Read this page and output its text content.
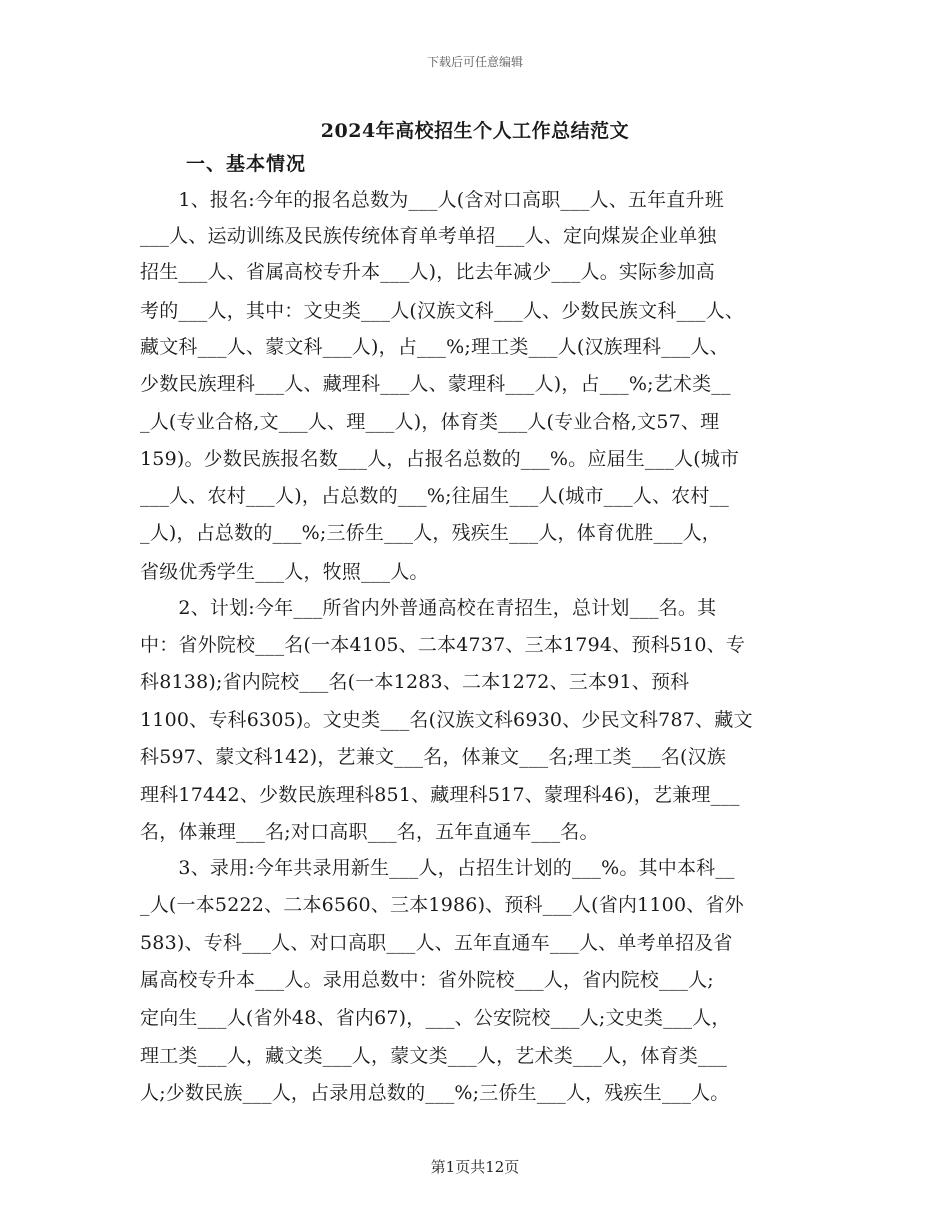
下载后可任意编辑
2024年高校招生个人工作总结范文
一、基本情况
　　1、报名:今年的报名总数为___人(含对口高职___人、五年直升班
___人、运动训练及民族传统体育单考单招___人、定向煤炭企业单独
招生___人、省属高校专升本___人)，比去年减少___人。实际参加高
考的___人，其中：文史类___人(汉族文科___人、少数民族文科___人、
藏文科___人、蒙文科___人)，占___%;理工类___人(汉族理科___人、
少数民族理科___人、藏理科___人、蒙理科___人)，占___%;艺术类__
_人(专业合格,文___人、理___人)，体育类___人(专业合格,文57、理
159)。少数民族报名数___人，占报名总数的___%。应届生___人(城市
___人、农村___人)，占总数的___%;往届生___人(城市___人、农村__
_人)，占总数的___%;三侨生___人，残疾生___人，体育优胜___人，
省级优秀学生___人，牧照___人。
　　2、计划:今年___所省内外普通高校在青招生，总计划___名。其
中：省外院校___名(一本4105、二本4737、三本1794、预科510、专
科8138);省内院校___名(一本1283、二本1272、三本91、预科
1100、专科6305)。文史类___名(汉族文科6930、少民文科787、藏文
科597、蒙文科142)，艺兼文___名，体兼文___名;理工类___名(汉族
理科17442、少数民族理科851、藏理科517、蒙理科46)，艺兼理___
名，体兼理___名;对口高职___名，五年直通车___名。
　　3、录用:今年共录用新生___人，占招生计划的___%。其中本科__
_人(一本5222、二本6560、三本1986)、预科___人(省内1100、省外
583)、专科___人、对口高职___人、五年直通车___人、单考单招及省
属高校专升本___人。录用总数中：省外院校___人，省内院校___人;
定向生___人(省外48、省内67)，___、公安院校___人;文史类___人，
理工类___人，藏文类___人，蒙文类___人，艺术类___人，体育类___
人;少数民族___人，占录用总数的___%;三侨生___人，残疾生___人。
第1页共12页
